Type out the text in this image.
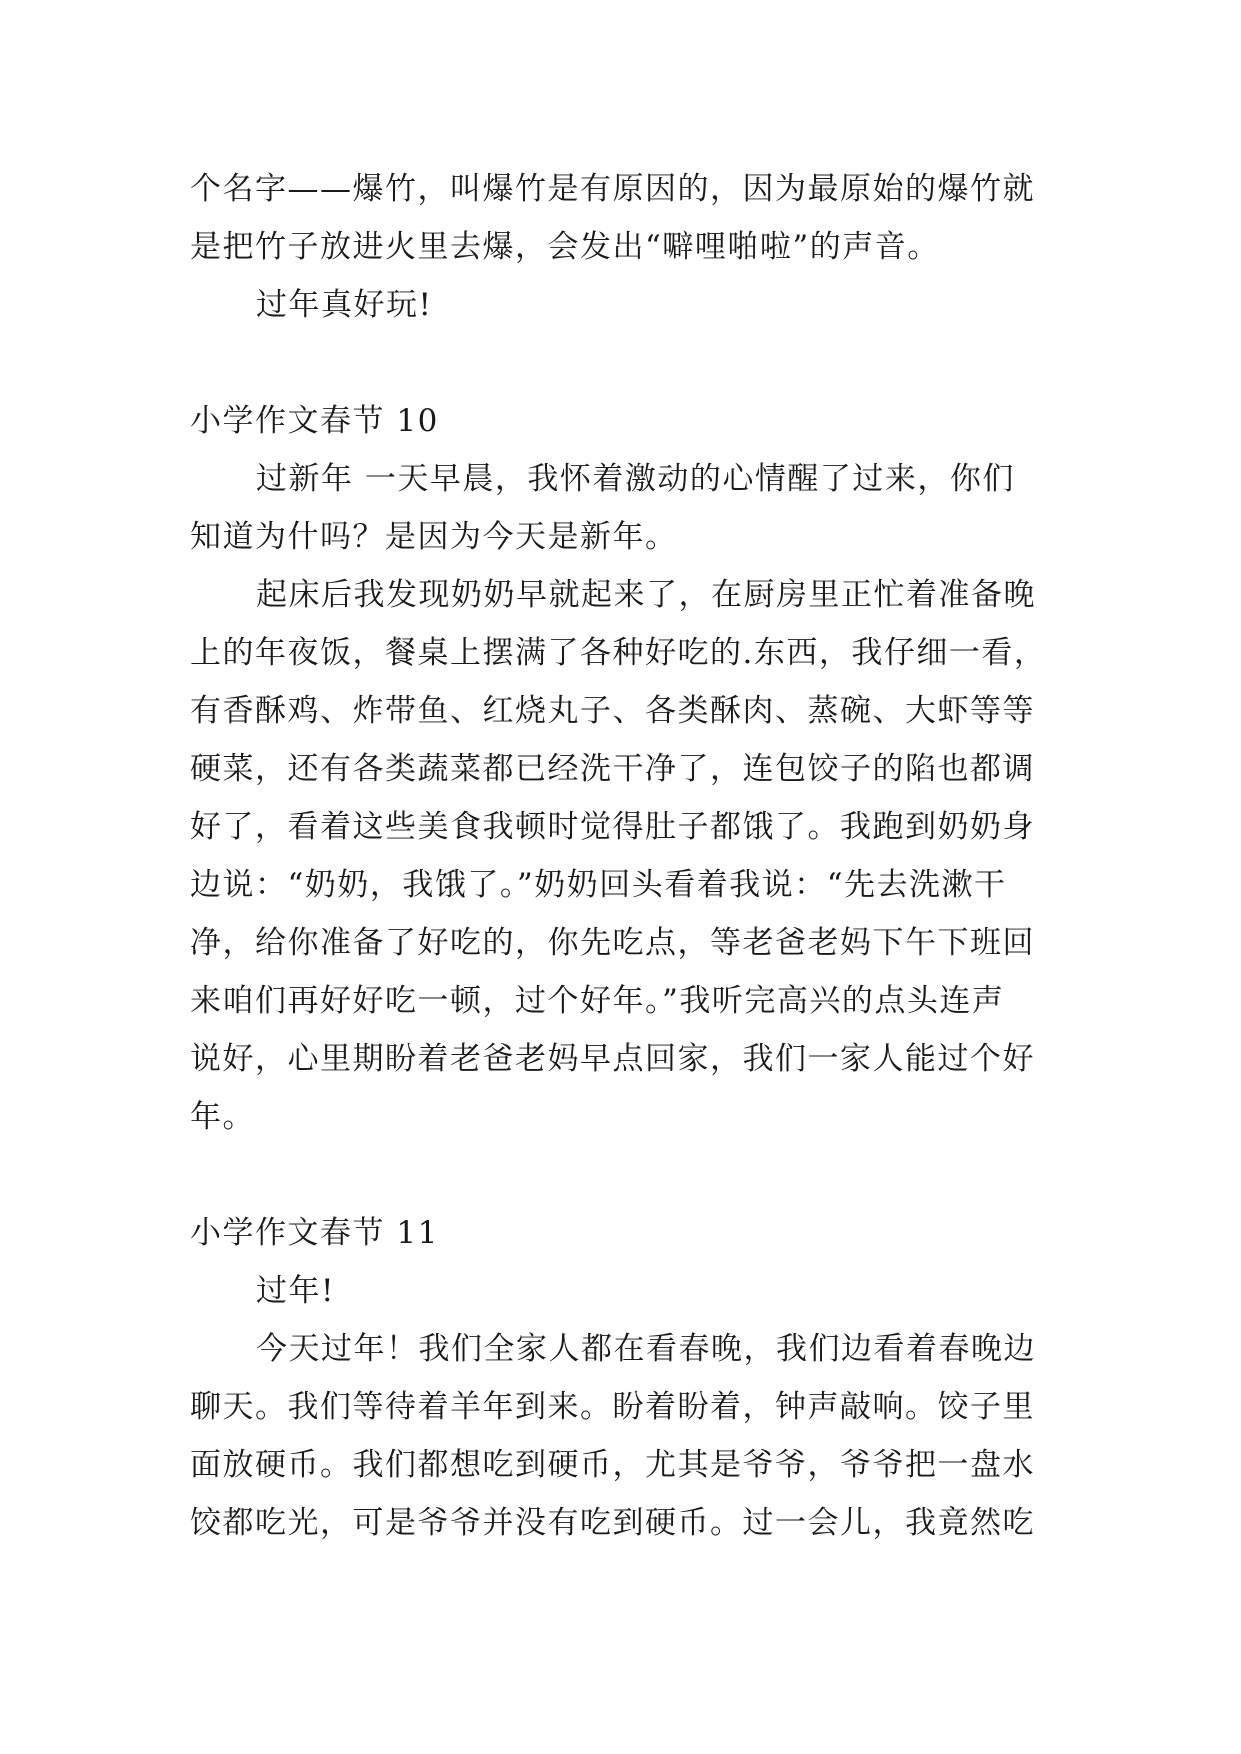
个名字——爆竹，叫爆竹是有原因的，因为最原始的爆竹就
是把竹子放进火里去爆，会发出“噼哩啪啦”的声音。
过年真好玩!
小学作文春节 10
过新年 一天早晨，我怀着激动的心情醒了过来，你们
知道为什吗？是因为今天是新年。
起床后我发现奶奶早就起来了，在厨房里正忙着准备晚
上的年夜饭，餐桌上摆满了各种好吃的.东西，我仔细一看，
有香酥鸡、炸带鱼、红烧丸子、各类酥肉、蒸碗、大虾等等
硬菜，还有各类蔬菜都已经洗干净了，连包饺子的陷也都调
好了，看着这些美食我顿时觉得肚子都饿了。我跑到奶奶身
边说：“奶奶，我饿了。”奶奶回头看着我说：“先去洗漱干
净，给你准备了好吃的，你先吃点，等老爸老妈下午下班回
来咱们再好好吃一顿，过个好年。”我听完高兴的点头连声
说好，心里期盼着老爸老妈早点回家，我们一家人能过个好
年。
小学作文春节 11
过年!
今天过年！我们全家人都在看春晚，我们边看着春晚边
聊天。我们等待着羊年到来。盼着盼着，钟声敲响。饺子里
面放硬币。我们都想吃到硬币，尤其是爷爷，爷爷把一盘水
饺都吃光，可是爷爷并没有吃到硬币。过一会儿，我竟然吃
